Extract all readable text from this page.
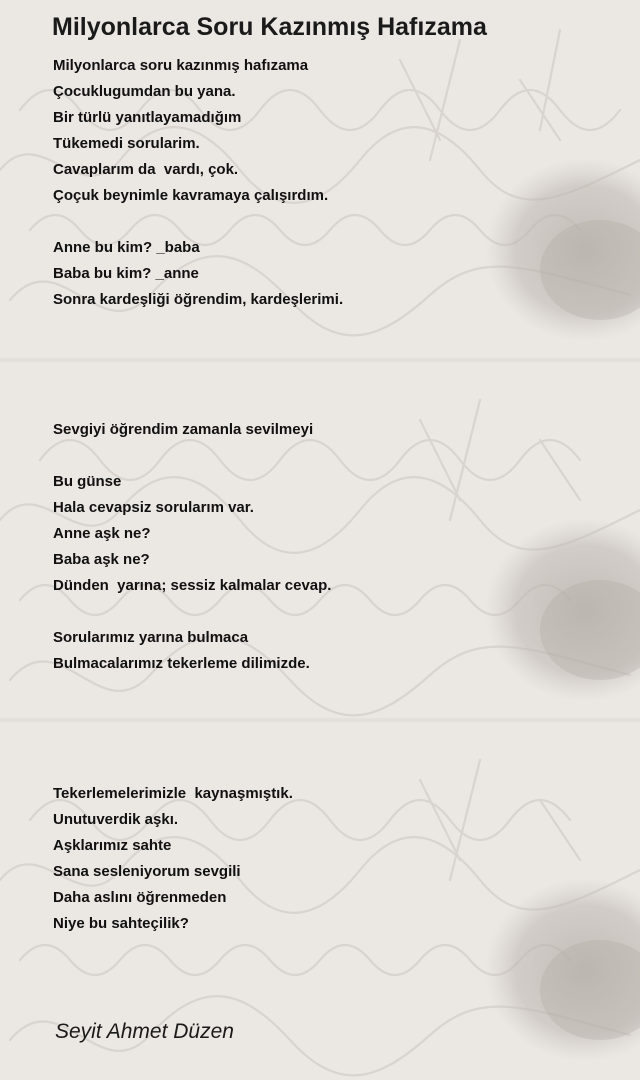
Milyonlarca Soru Kazınmış Hafızama
Milyonlarca soru kazınmış hafızama
Çocuklugumdan bu yana.
Bir türlü yanıtlayamadığım
Tükemedi sorularim.
Cavaplarım da  vardı, çok.
Çoçuk beynimle kavramaya çalışırdım.
Anne bu kim? _baba
Baba bu kim? _anne
Sonra kardeşliği öğrendim, kardeşlerimi.
Sevgiyi öğrendim zamanla sevilmeyi
Bu günse
Hala cevapsiz sorularım var.
Anne aşk ne?
Baba aşk ne?
Dünden  yarına; sessiz kalmalar cevap.
Sorularımız yarına bulmaca
Bulmacalarımız tekerleme dilimizde.
Tekerlemelerimizle  kaynaşmıştık.
Unutuverdik aşkı.
Aşklarımız sahte
Sana sesleniyorum sevgili
Daha aslını öğrenmeden
Niye bu sahteçilik?
Seyit Ahmet Düzen
